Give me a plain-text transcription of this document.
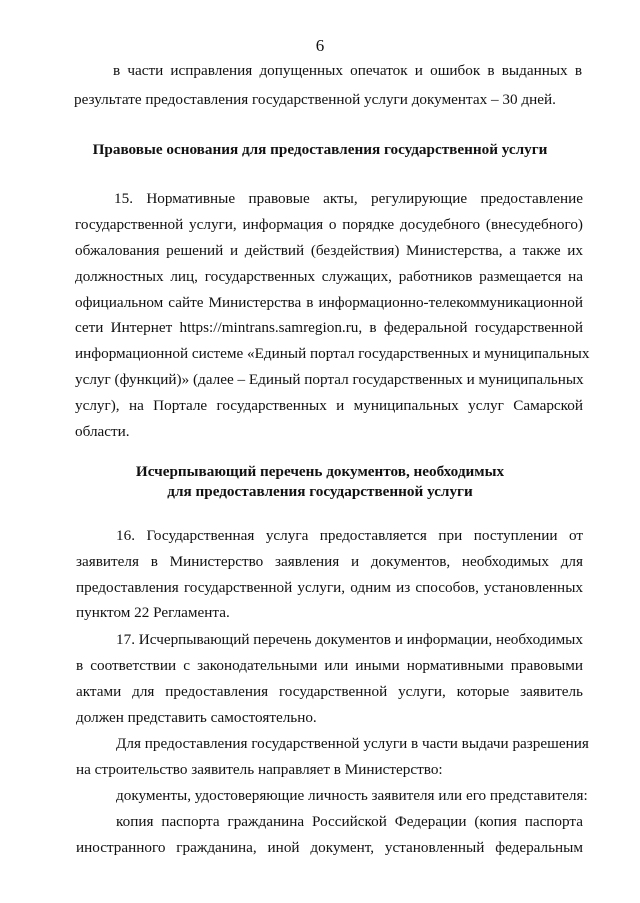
6
в части исправления допущенных опечаток и ошибок в выданных в
результате предоставления государственной услуги документах – 30 дней.
Правовые основания для предоставления государственной услуги
15. Нормативные правовые акты, регулирующие предоставление
государственной услуги, информация о порядке досудебного (внесудебного)
обжалования решений и действий (бездействия) Министерства, а также их
должностных лиц, государственных служащих, работников размещается на
официальном сайте Министерства в информационно-телекоммуникационной
сети Интернет https://mintrans.samregion.ru, в федеральной государственной
информационной системе «Единый портал государственных и муниципальных
услуг (функций)» (далее – Единый портал государственных и муниципальных
услуг), на Портале государственных и муниципальных услуг Самарской
области.
Исчерпывающий перечень документов, необходимых
для предоставления государственной услуги
16. Государственная услуга предоставляется при поступлении от
заявителя в Министерство заявления и документов, необходимых для
предоставления государственной услуги, одним из способов, установленных
пунктом 22 Регламента.
17. Исчерпывающий перечень документов и информации, необходимых
в соответствии с законодательными или иными нормативными правовыми
актами для предоставления государственной услуги, которые заявитель
должен представить самостоятельно.
Для предоставления государственной услуги в части выдачи разрешения
на строительство заявитель направляет в Министерство:
документы, удостоверяющие личность заявителя или его представителя:
копия паспорта гражданина Российской Федерации (копия паспорта
иностранного гражданина, иной документ, установленный федеральным
